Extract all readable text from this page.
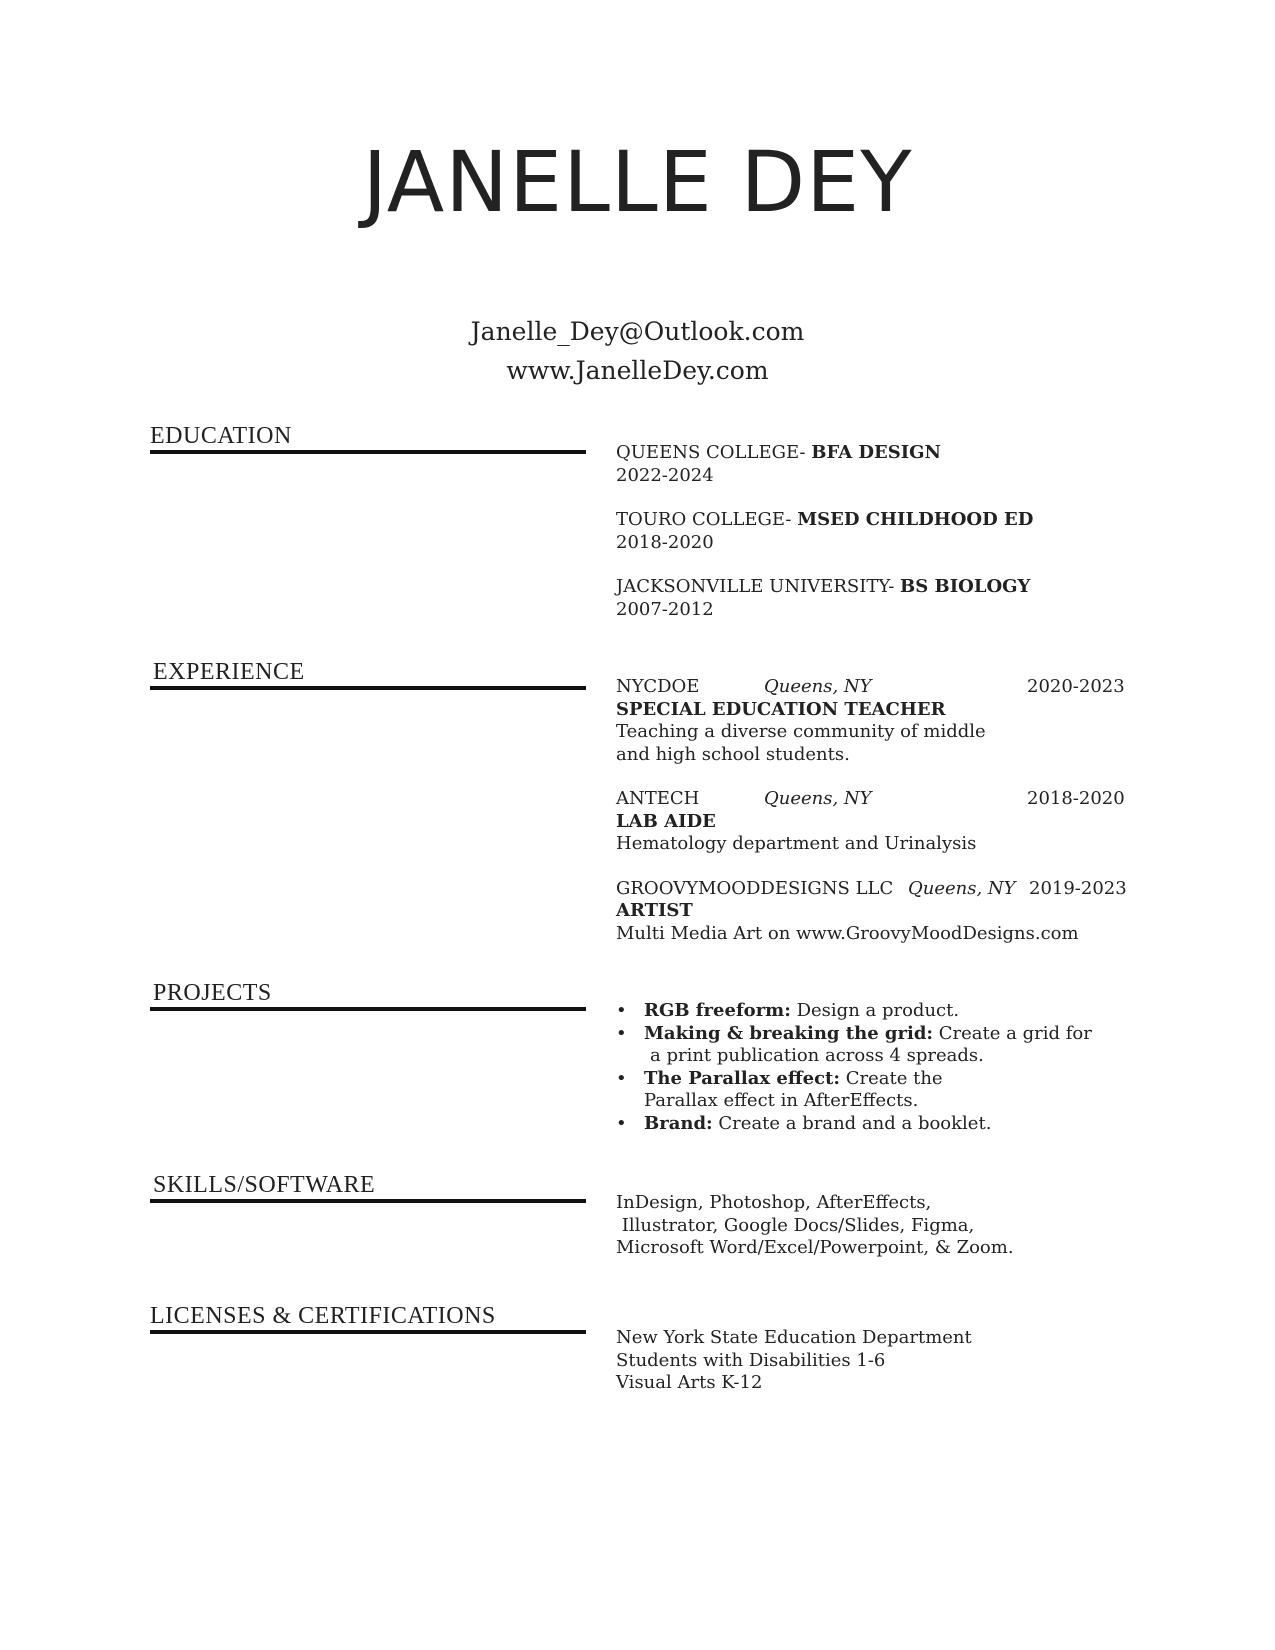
JANELLE DEY
Janelle_Dey@Outlook.com
www.JanelleDey.com
EDUCATION
QUEENS COLLEGE- BFA DESIGN
2022-2024
TOURO COLLEGE- MSED CHILDHOOD ED
2018-2020
JACKSONVILLE UNIVERSITY- BS BIOLOGY
2007-2012
EXPERIENCE
NYCDOE	Queens, NY	2020-2023
SPECIAL EDUCATION TEACHER
Teaching a diverse community of middle
and high school students.
ANTECH	Queens, NY	2018-2020
LAB AIDE
Hematology department and Urinalysis
GROOVYMOODDESIGNS LLC Queens, NY 2019-2023
ARTIST
Multi Media Art on www.GroovyMoodDesigns.com
PROJECTS
• RGB freeform: Design a product.
• Making & breaking the grid: Create a grid for
a print publication across 4 spreads.
• The Parallax effect: Create the
Parallax effect in AfterEffects.
• Brand: Create a brand and a booklet.
SKILLS/SOFTWARE
InDesign, Photoshop, AfterEffects,
Illustrator, Google Docs/Slides, Figma,
Microsoft Word/Excel/Powerpoint, & Zoom.
LICENSES & CERTIFICATIONS
New York State Education Department
Students with Disabilities 1-6
Visual Arts K-12
